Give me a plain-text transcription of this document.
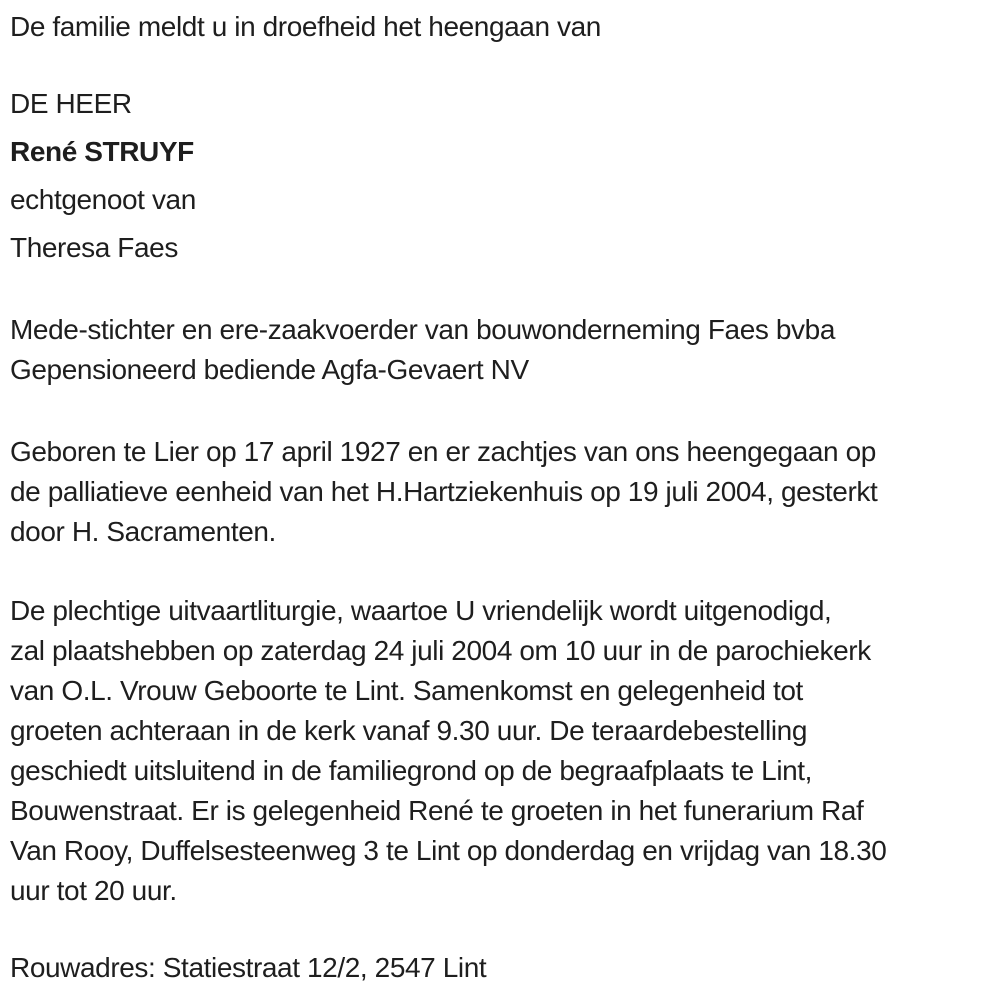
De familie meldt u in droefheid het heengaan van
DE HEER
René STRUYF
echtgenoot van
Theresa Faes
Mede-stichter en ere-zaakvoerder van bouwonderneming Faes bvba
Gepensioneerd bediende Agfa-Gevaert NV
Geboren te Lier op 17 april 1927 en er zachtjes van ons heengegaan op
de palliatieve eenheid van het H.Hartziekenhuis op 19 juli 2004, gesterkt
door H. Sacramenten.
De plechtige uitvaartliturgie, waartoe U vriendelijk wordt uitgenodigd,
zal plaatshebben op zaterdag 24 juli 2004 om 10 uur in de parochiekerk
van O.L. Vrouw Geboorte te Lint. Samenkomst en gelegenheid tot
groeten achteraan in de kerk vanaf 9.30 uur. De teraardebestelling
geschiedt uitsluitend in de familiegrond op de begraafplaats te Lint,
Bouwenstraat. Er is gelegenheid René te groeten in het funerarium Raf
Van Rooy, Duffelsesteenweg 3 te Lint op donderdag en vrijdag van 18.30
uur tot 20 uur.
Rouwadres: Statiestraat 12/2, 2547 Lint
